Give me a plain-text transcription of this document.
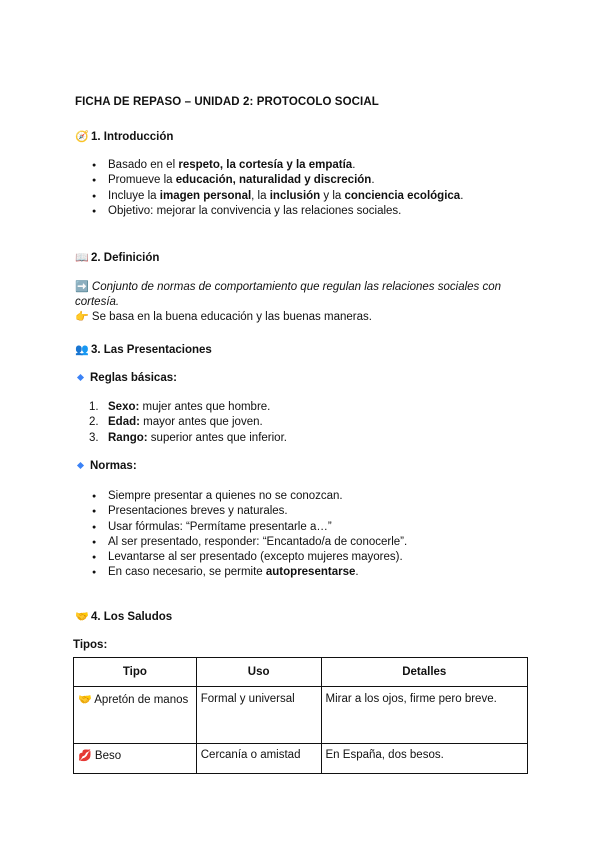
FICHA DE REPASO – UNIDAD 2: PROTOCOLO SOCIAL
🧭 1. Introducción
● Basado en el respeto, la cortesía y la empatía.
● Promueve la educación, naturalidad y discreción.
● Incluye la imagen personal, la inclusión y la conciencia ecológica.
● Objetivo: mejorar la convivencia y las relaciones sociales.
📖 2. Definición
➡️ Conjunto de normas de comportamiento que regulan las relaciones sociales con cortesía.
👉 Se basa en la buena educación y las buenas maneras.
👥 3. Las Presentaciones
Reglas básicas:
1. Sexo: mujer antes que hombre.
2. Edad: mayor antes que joven.
3. Rango: superior antes que inferior.
Normas:
● Siempre presentar a quienes no se conozcan.
● Presentaciones breves y naturales.
● Usar fórmulas: “Permítame presentarle a…”
● Al ser presentado, responder: “Encantado/a de conocerle”.
● Levantarse al ser presentado (excepto mujeres mayores).
● En caso necesario, se permite autopresentarse.
🤝 4. Los Saludos
Tipos:
Tipo	Uso	Detalles
🤝 Apretón de manos	Formal y universal	Mirar a los ojos, firme pero breve.
💋 Beso	Cercanía o amistad	En España, dos besos.
